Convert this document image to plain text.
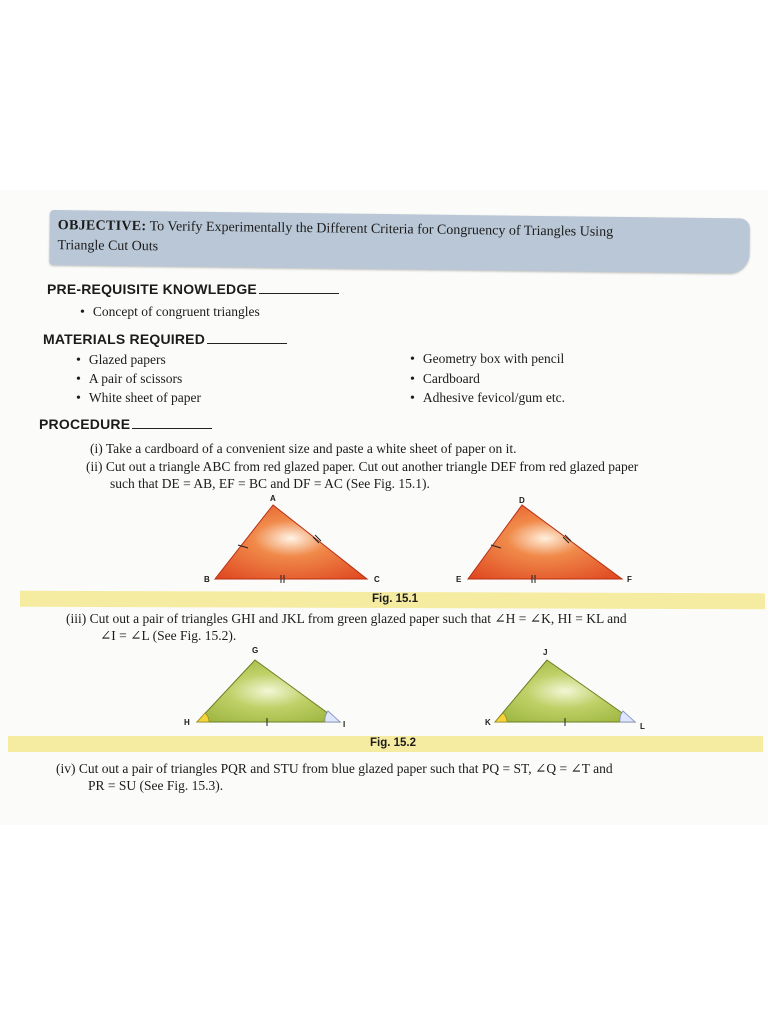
OBJECTIVE: To Verify Experimentally the Different Criteria for Congruency of Triangles Using
Triangle Cut Outs
PRE-REQUISITE KNOWLEDGE
• Concept of congruent triangles
MATERIALS REQUIRED
• Glazed papers
• A pair of scissors
• White sheet of paper
• Geometry box with pencil
• Cardboard
• Adhesive fevicol/gum etc.
PROCEDURE
(i) Take a cardboard of a convenient size and paste a white sheet of paper on it.
(ii) Cut out a triangle ABC from red glazed paper. Cut out another triangle DEF from red glazed paper
such that DE = AB, EF = BC and DF = AC (See Fig. 15.1).
A
B	C
D
E	F
Fig. 15.1
(iii) Cut out a pair of triangles GHI and JKL from green glazed paper such that ∠H = ∠K, HI = KL and
∠I = ∠L (See Fig. 15.2).
G
H	I
J
K	L
Fig. 15.2
(iv) Cut out a pair of triangles PQR and STU from blue glazed paper such that PQ = ST, ∠Q = ∠T and
PR = SU (See Fig. 15.3).
